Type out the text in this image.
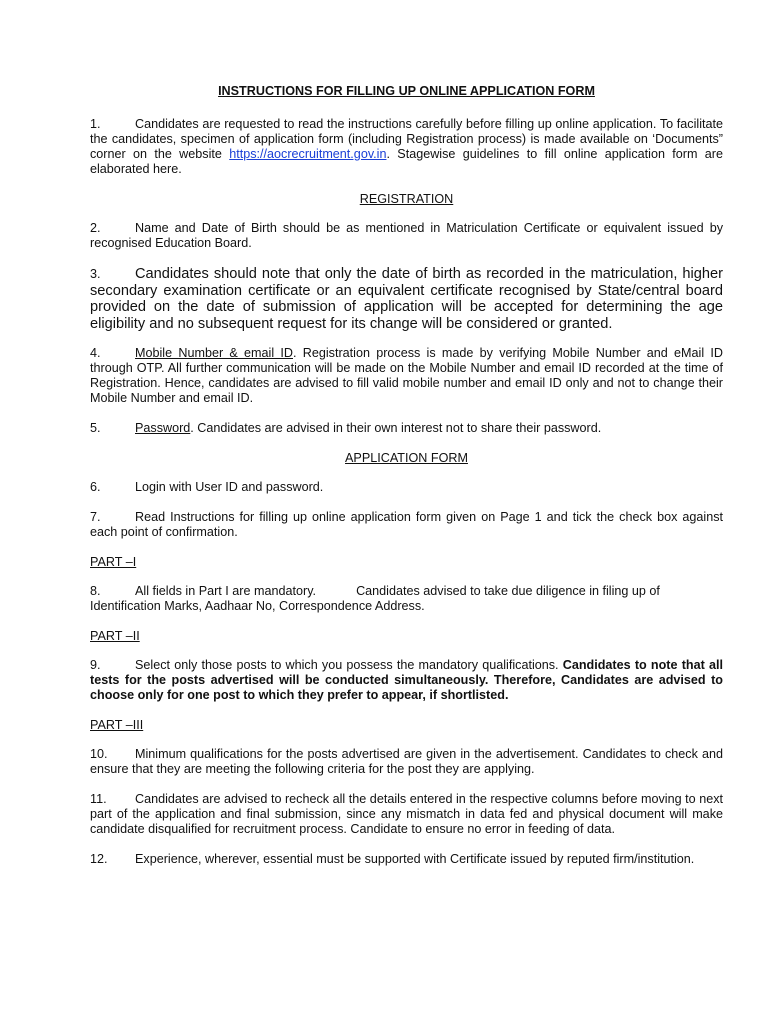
INSTRUCTIONS FOR FILLING UP ONLINE APPLICATION FORM

1.	Candidates are requested to read the instructions carefully before filling up online application. To facilitate the candidates, specimen of application form (including Registration process) is made available on ‘Documents” corner on the website https://aocrecruitment.gov.in. Stagewise guidelines to fill online application form are elaborated here.

REGISTRATION

2.	Name and Date of Birth should be as mentioned in Matriculation Certificate or equivalent issued by recognised Education Board.

3. Candidates should note that only the date of birth as recorded in the matriculation, higher secondary examination certificate or an equivalent certificate recognised by State/central board provided on the date of submission of application will be accepted for determining the age eligibility and no subsequent request for its change will be considered or granted.

4.	Mobile Number & email ID. Registration process is made by verifying Mobile Number and eMail ID through OTP. All further communication will be made on the Mobile Number and email ID recorded at the time of Registration. Hence, candidates are advised to fill valid mobile number and email ID only and not to change their Mobile Number and email ID.

5.	Password. Candidates are advised in their own interest not to share their password.

APPLICATION FORM

6.	Login with User ID and password.

7.	Read Instructions for filling up online application form given on Page 1 and tick the check box against each point of confirmation.

PART –I

8.	All fields in Part I are mandatory.	Candidates advised to take due diligence in filing up of Identification Marks, Aadhaar No, Correspondence Address.

PART –II

9.	Select only those posts to which you possess the mandatory qualifications. Candidates to note that all tests for the posts advertised will be conducted simultaneously. Therefore, Candidates are advised to choose only for one post to which they prefer to appear, if shortlisted.

PART –III

10. Minimum qualifications for the posts advertised are given in the advertisement. Candidates to check and ensure that they are meeting the following criteria for the post they are applying.

11. Candidates are advised to recheck all the details entered in the respective columns before moving to next part of the application and final submission, since any mismatch in data fed and physical document will make candidate disqualified for recruitment process. Candidate to ensure no error in feeding of data.

12. Experience, wherever, essential must be supported with Certificate issued by reputed firm/institution.
